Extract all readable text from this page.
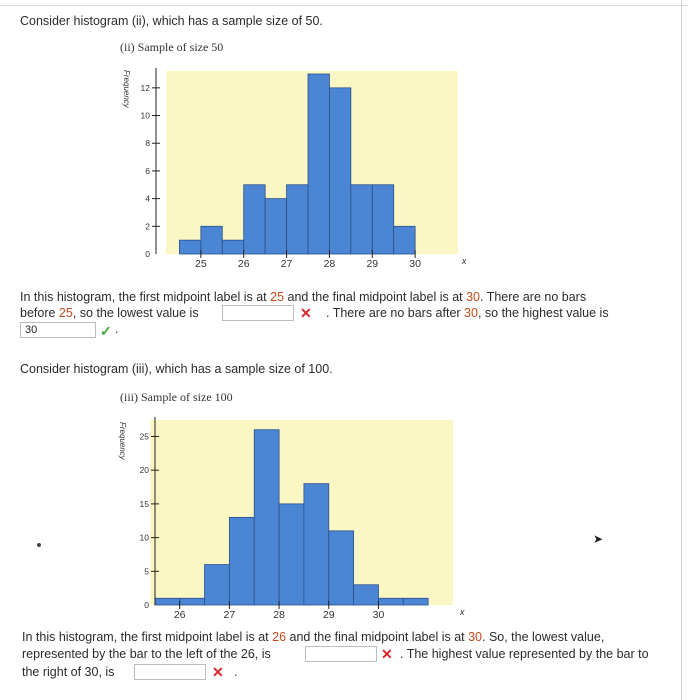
Consider histogram (ii), which has a sample size of 50.
(ii) Sample of size 50
0
2
4
6
8
10
12
Frequency
25	26	27	28	29	30	x
In this histogram, the first midpoint label is at 25 and the final midpoint label is at 30. There are no bars
before 25, so the lowest value is	✕ . There are no bars after 30, so the highest value is
30	✓ .
Consider histogram (iii), which has a sample size of 100.
(iii) Sample of size 100
0
5
10
15
20
25
Frequency
26	27	28	29	30	x
➤
In this histogram, the first midpoint label is at 26 and the final midpoint label is at 30. So, the lowest value,
represented by the bar to the left of the 26, is	✕ . The highest value represented by the bar to
the right of 30, is	✕ .
